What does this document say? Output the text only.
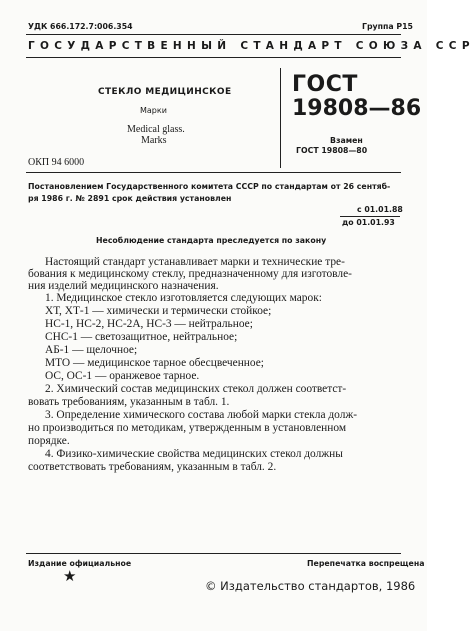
УДК 666.172.7:006.354	Группа Р15
ГОСУДАРСТВЕННЫЙ СТАНДАРТ СОЮЗА ССР
СТЕКЛО МЕДИЦИНСКОЕ
Марки
Medical glass.
Marks
ГОСТ
19808—86
Взамен
ГОСТ 19808—80
ОКП 94 6000
Постановлением Государственного комитета СССР по стандартам от 26 сентяб-
ря 1986 г. № 2891 срок действия установлен
с 01.01.88
до 01.01.93
Несоблюдение стандарта преследуется по закону
Настоящий стандарт устанавливает марки и технические тре-
бования к медицинскому стеклу, предназначенному для изготовле-
ния изделий медицинского назначения.
1. Медицинское стекло изготовляется следующих марок:
ХТ, ХТ-1 — химически и термически стойкое;
НС-1, НС-2, НС-2А, НС-3 — нейтральное;
СНС-1 — светозащитное, нейтральное;
АБ-1 — щелочное;
МТО — медицинское тарное обесцвеченное;
ОС, ОС-1 — оранжевое тарное.
2. Химический состав медицинских стекол должен соответст-
вовать требованиям, указанным в табл. 1.
3. Определение химического состава любой марки стекла долж-
но производиться по методикам, утвержденным в установленном
порядке.
4. Физико-химические свойства медицинских стекол должны
соответствовать требованиям, указанным в табл. 2.
Издание официальное	Перепечатка воспрещена
★
© Издательство стандартов, 1986
